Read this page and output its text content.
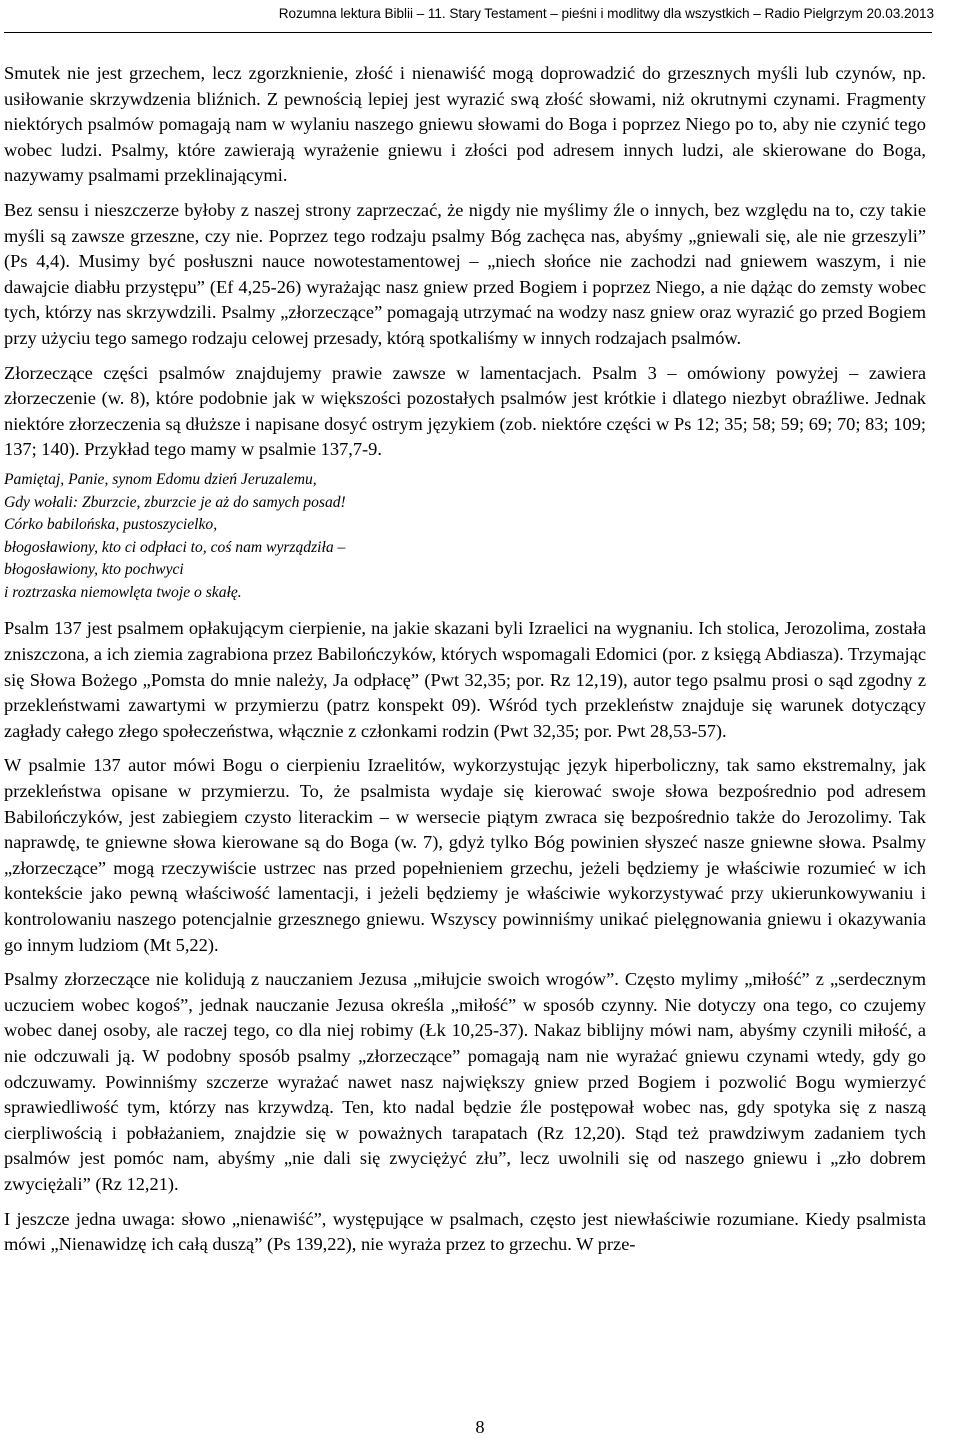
Rozumna lektura Biblii – 11. Stary Testament – pieśni i modlitwy dla wszystkich – Radio Pielgrzym 20.03.2013

Smutek nie jest grzechem, lecz zgorzknienie, złość i nienawiść mogą doprowadzić do grzesznych myśli lub czynów, np. usiłowanie skrzywdzenia bliźnich. Z pewnością lepiej jest wyrazić swą złość słowami, niż okrutnymi czynami. Fragmenty niektórych psalmów pomagają nam w wylaniu naszego gniewu słowami do Boga i poprzez Niego po to, aby nie czynić tego wobec ludzi. Psalmy, które zawierają wyrażenie gniewu i złości pod adresem innych ludzi, ale skierowane do Boga, nazywamy psalmami przeklinającymi.

Bez sensu i nieszczerze byłoby z naszej strony zaprzeczać, że nigdy nie myślimy źle o innych, bez względu na to, czy takie myśli są zawsze grzeszne, czy nie. Poprzez tego rodzaju psalmy Bóg zachęca nas, abyśmy „gniewali się, ale nie grzeszyli” (Ps 4,4). Musimy być posłuszni nauce nowotestamentowej – „niech słońce nie zachodzi nad gniewem waszym, i nie dawajcie diabłu przystępu” (Ef 4,25-26) wyrażając nasz gniew przed Bogiem i poprzez Niego, a nie dążąc do zemsty wobec tych, którzy nas skrzywdzili. Psalmy „złorzeczące” pomagają utrzymać na wodzy nasz gniew oraz wyrazić go przed Bogiem przy użyciu tego samego rodzaju celowej przesady, którą spotkaliśmy w innych rodzajach psalmów.

Złorzeczące części psalmów znajdujemy prawie zawsze w lamentacjach. Psalm 3 – omówiony powyżej – zawiera złorzeczenie (w. 8), które podobnie jak w większości pozostałych psalmów jest krótkie i dlatego niezbyt obraźliwe. Jednak niektóre złorzeczenia są dłuższe i napisane dosyć ostrym językiem (zob. niektóre części w Ps 12; 35; 58; 59; 69; 70; 83; 109; 137; 140). Przykład tego mamy w psalmie 137,7-9.

Pamiętaj, Panie, synom Edomu dzień Jeruzalemu,
Gdy wołali: Zburzcie, zburzcie je aż do samych posad!
Córko babilońska, pustoszycielko,
błogosławiony, kto ci odpłaci to, coś nam wyrządziła –
błogosławiony, kto pochwyci
i roztrzaska niemowlęta twoje o skałę.

Psalm 137 jest psalmem opłakującym cierpienie, na jakie skazani byli Izraelici na wygnaniu. Ich stolica, Jerozolima, została zniszczona, a ich ziemia zagrabiona przez Babilończyków, których wspomagali Edomici (por. z księgą Abdiasza). Trzymając się Słowa Bożego „Pomsta do mnie należy, Ja odpłacę” (Pwt 32,35; por. Rz 12,19), autor tego psalmu prosi o sąd zgodny z przekleństwami zawartymi w przymierzu (patrz konspekt 09). Wśród tych przekleństw znajduje się warunek dotyczący zagłady całego złego społeczeństwa, włącznie z członkami rodzin (Pwt 32,35; por. Pwt 28,53-57).

W psalmie 137 autor mówi Bogu o cierpieniu Izraelitów, wykorzystując język hiperboliczny, tak samo ekstremalny, jak przekleństwa opisane w przymierzu. To, że psalmista wydaje się kierować swoje słowa bezpośrednio pod adresem Babilończyków, jest zabiegiem czysto literackim – w wersecie piątym zwraca się bezpośrednio także do Jerozolimy. Tak naprawdę, te gniewne słowa kierowane są do Boga (w. 7), gdyż tylko Bóg powinien słyszeć nasze gniewne słowa. Psalmy „złorzeczące” mogą rzeczywiście ustrzec nas przed popełnieniem grzechu, jeżeli będziemy je właściwie rozumieć w ich kontekście jako pewną właściwość lamentacji, i jeżeli będziemy je właściwie wykorzystywać przy ukierunkowywaniu i kontrolowaniu naszego potencjalnie grzesznego gniewu. Wszyscy powinniśmy unikać pielęgnowania gniewu i okazywania go innym ludziom (Mt 5,22).

Psalmy złorzeczące nie kolidują z nauczaniem Jezusa „miłujcie swoich wrogów”. Często mylimy „miłość” z „serdecznym uczuciem wobec kogoś”, jednak nauczanie Jezusa określa „miłość” w sposób czynny. Nie dotyczy ona tego, co czujemy wobec danej osoby, ale raczej tego, co dla niej robimy (Łk 10,25-37). Nakaz biblijny mówi nam, abyśmy czynili miłość, a nie odczuwali ją. W podobny sposób psalmy „złorzeczące” pomagają nam nie wyrażać gniewu czynami wtedy, gdy go odczuwamy. Powinniśmy szczerze wyrażać nawet nasz największy gniew przed Bogiem i pozwolić Bogu wymierzyć sprawiedliwość tym, którzy nas krzywdzą. Ten, kto nadal będzie źle postępował wobec nas, gdy spotyka się z naszą cierpliwością i pobłażaniem, znajdzie się w poważnych tarapatach (Rz 12,20). Stąd też prawdziwym zadaniem tych psalmów jest pomóc nam, abyśmy „nie dali się zwyciężyć złu”, lecz uwolnili się od naszego gniewu i „zło dobrem zwyciężali” (Rz 12,21).

I jeszcze jedna uwaga: słowo „nienawiść”, występujące w psalmach, często jest niewłaściwie rozumiane. Kiedy psalmista mówi „Nienawidzę ich całą duszą” (Ps 139,22), nie wyraża przez to grzechu. W prze-

8
